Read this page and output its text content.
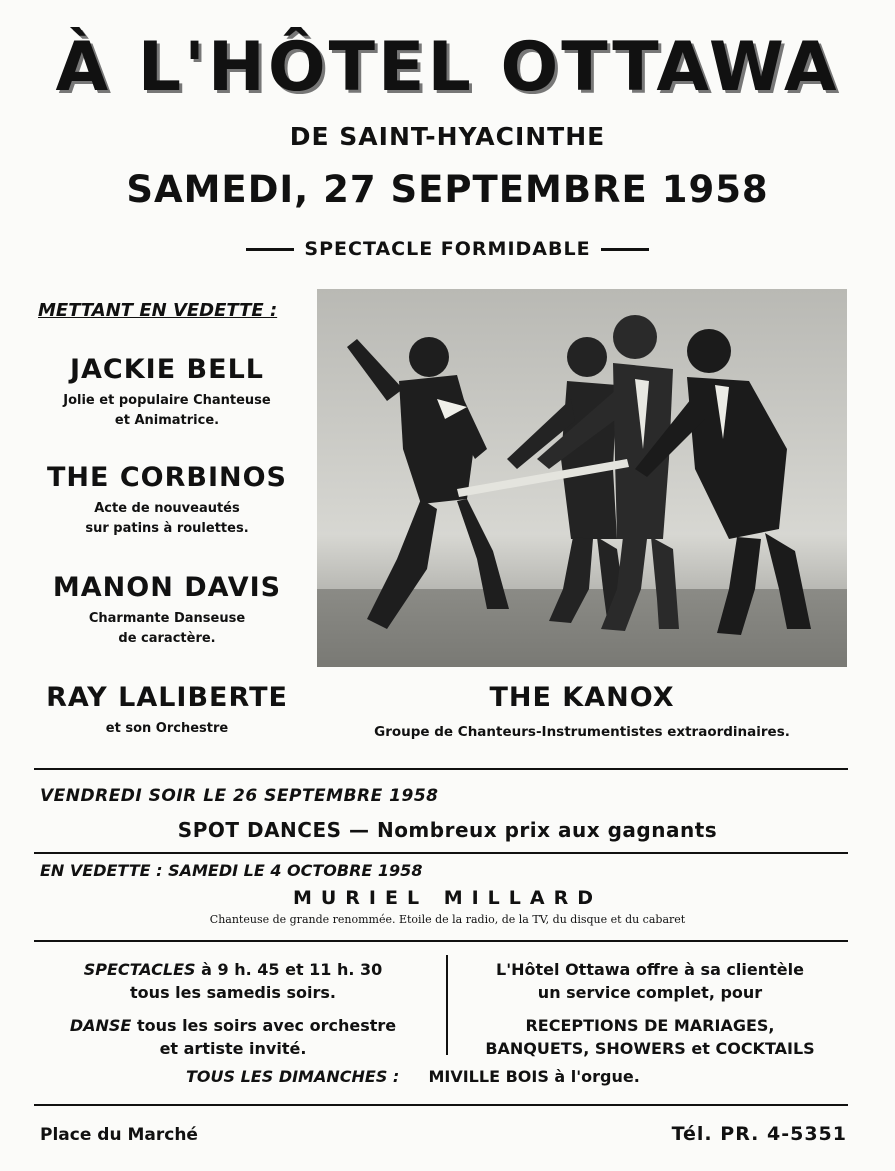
À L'HÔTEL OTTAWA
DE SAINT-HYACINTHE
SAMEDI, 27 SEPTEMBRE 1958
SPECTACLE FORMIDABLE
METTANT EN VEDETTE :
JACKIE BELL
Jolie et populaire Chanteuse
et Animatrice.
THE CORBINOS
Acte de nouveautés
sur patins à roulettes.
MANON DAVIS
Charmante Danseuse
de caractère.
RAY LALIBERTE
et son Orchestre
THE KANOX
Groupe de Chanteurs-Instrumentistes extraordinaires.
VENDREDI SOIR LE 26 SEPTEMBRE 1958
SPOT DANCES — Nombreux prix aux gagnants
EN VEDETTE : SAMEDI LE 4 OCTOBRE 1958
MURIEL MILLARD
Chanteuse de grande renommée. Etoile de la radio, de la TV, du disque et du cabaret
SPECTACLES à 9 h. 45 et 11 h. 30
tous les samedis soirs.
DANSE tous les soirs avec orchestre
et artiste invité.
L'Hôtel Ottawa offre à sa clientèle
un service complet, pour
RECEPTIONS DE MARIAGES,
BANQUETS, SHOWERS et COCKTAILS
TOUS LES DIMANCHES : MIVILLE BOIS à l'orgue.
Place du Marché	Tél. PR. 4-5351
